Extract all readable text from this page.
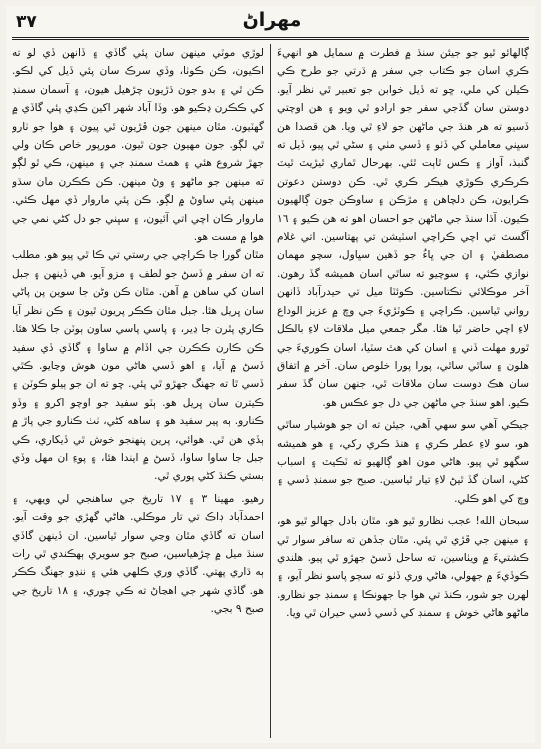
٣٧	مهراڻ

ڳالهائو ٿيو جو جيئن سنڌ ۾ فطرت ۾ سمايل هو انهيءَ ڪري اسان جو ڪتاب جي سفر ۾ ڌرتي جو طرح ڪي ڪيلن کي ملي، ڇو ته ڏيل خوابن جو تعبير ٿي نظر آيو. دوستن سان گڏجي سفر جو ارادو ٿي ويو ۽ هن اوچتي ڏسيو ته هر هنڌ جي ماڻهن جو لاءِ ٿي ويا. هن قصدا هن سڀني معاملي کي ڏٺو ۽ ڏسي مٺي ۽ سڻي ٿي پيو، ڏيل ته گنبذ، آواز ۽ ڪس ٿاٻت ٿئي. بهرحال ٿماري ٿيڙيٽ ٿيٽ ڪرڪري ڪوڙي هيڪر ڪري ٿي. ڪن دوستن دعوتن ڪرايون، ڪن دلچاهن ۽ مڙڪن ۽ ساوڪن جون ڳالهيون ڪيون. آڌا سنڌ جي ماڻهن جو احسان اهو ته هن ڪيو ۽ ١٦ آگسٽ تي اچي ڪراچي اسٽيشن تي پهتاسين. اتي غلام مصطفيٰ ۽ ان جي ڀاءُ جو ڏهين سڀاول، سچو مهمان نوازي ڪئي، ۽ سوچيو ته ساٿي اسان هميشه گڏ رهون. آخر موڪلائي نڪتاسين. ڪوئٽا ميل تي حيدرآباد ڏانهن رواني ٿياسين. ڪراچي ۽ ڪوٽڙيءَ جي وچ ۾ عزيز الوداع لاءِ اچي حاضر ٿيا هئا. مگر جمعي ميل ملاقات لاءِ بالڪل ٿورو مهلت ڏني ۽ اسان کي هٿ سٽيا، اسان ڪوريءَ جي هلون ۽ ساٿي ساٿي، پورا پورا خلوص سان. آخر ۾ اتفاق سان هڪ دوست سان ملاقات ٿي، جنهن سان گڏ سفر ڪيو. اهو سنڌ جي ماڻهن جي دل جو عڪس هو.

جيڪي آهي سو سهي آهي، جيئن ته ان جو هوشيار ساٿي هو، سو لاءِ عطر ڪري ۽ هنڌ ڪري رکي، ۽ هو هميشه سگهو ٿي پيو. هاڻي مون اهو ڳالهيو ته ٽڪيٽ ۽ اسباب کڻي، اسان گڏ ٿيڻ لاءِ تيار ٿياسين. صبح جو سمنڊ ڏسي ۽ وچ کي اهو ڪلي.

سبحان الله! عجب نظارو ٿيو هو. مٿان بادل جهالو ٿيو هو، ۽ مينهن جي ڦڙي ٿي پئي. مٿان جڏهن ته سافر سوار ٿي ڪشتيءَ ۾ ويٺاسين، ته ساحل ڏسڻ جهڙو ٿي پيو. هلندي ڪوڏيءَ ۾ جهولي، هاڻي وري ڏٺو ته سڄو پاسو نظر آيو، ۽ لهرن جو شور، ڪنڌ تي هوا جا جهونڪا ۽ سمنڊ جو نظارو. ماڻهو هاڻي خوش ۽ سمنڊ کي ڏسي ڏسي حيران ٿي ويا.

لوڙي موٽي مينهن سان پئي گاڏي ۽ ڏانهن ڏي لو ته اڪيون، ڪن ڪوٺا، وڏي سرڪ سان پئي ڏيل کي لڪو. ڪن ٿي ۽ بدو جون ڌڙيون چڙهيل هيون، ۽ آسمان سمنڊ کي ڪڪرن ڍڪيو هو. وڏا آباد شهر اکين ڪڍي پئي گاڏي ۾ گهٽيون. مٿان مينهن جون ڦڙيون ٿي پيون ۽ هوا جو ٺارو ٿي لڳو. جون مهيون جون ٿيون. مورپور خاص ڪان ولي جهڙ شروع هئي ۽ همٿ سمنڊ جي ۽ مينهن، ڪي ٿو لڳو ته مينهن جو ماڻهو ۽ وڻ مينهن. ڪن ڪڪرن مان سڌو مينهن پئي ساوڻ ۾ لڳو. ڪن پئي ماروار ڏي مهل ڪئي. ماروار ڪان اچي اتي آئيون، ۽ سڀني جو دل کڻي نمي جي هوا ۾ مست هو.

مٿان گورا جا ڪراچي جي رستي تي ڪا ٿي پيو هو. مطلب ته ان سفر ۾ ڏسڻ جو لطف ۽ مزو آيو. هي ڏينهن ۽ جبل اسان کي ساهن ۾ آهن. مٿان ڪن وڻن جا سوين پن پاڻي سان ڀريل هئا. جبل مٿان ڪڪر پريون ٿيون ۽ ڪن نظر آيا ڪاري پٿرن جا ڍير، ۽ پاسي پاسي ساون ٻوٽن جا ڪلا هئا. ڪن ڪارن ڪڪرن جي اڏام ۾ ساوا ۽ گاڏي ڏي سفيد ڏسڻ ۾ آيا، ۽ اهو ڏسي هاڻي مون هوش وڃايو. ڪٿي ڏسي ٿا ته جهنگ جهڙو ٿي پئي. ڇو ته ان جو ٻيلو ڪوٽن ۽ ڪيترن سان ڀريل هو. ٻٽو سفيد جو اوچو اکرو ۽ وڏو ڪنارو. ٻه پير سفيد هو ۽ ساهه کڻي، ٺٺ ڪنارو جي پاڙ ۾ ٻڏي هن ٿي. هوائي، پرين پنهنجو خوش ٿي ڏيکاري، ڪي جبل جا ساوا ساوا، ڏسڻ ۾ ايندا هئا، ۽ پوءِ ان مهل وڏي بستي ڪنڌ کڻي پوري ٿي.

رهيو. مهينا ٣ ۽ ١٧ تاريخ جي ساهنجي لي ويهي، ۽ احمدآباد ڊاڪ تي تار موڪلي. هاڻي گهڙي جو وقت آيو. اسان ته گاڏي مٿان وڃي سوار ٿياسين. ان ڏينهن گاڏي سنڌ ميل ۾ چڙهياسين، صبح جو سويري ٻهڪندي ٿي رات ٻه ڌاري پهتي. گاڏي وري ڪلهي هئي ۽ ننڍو جهنگ ڪڪر هو. گاڏي شهر جي اهڃاڻ ته ڪي چوري، ۽ ١٨ تاريخ جي صبح ٩ بجي.
